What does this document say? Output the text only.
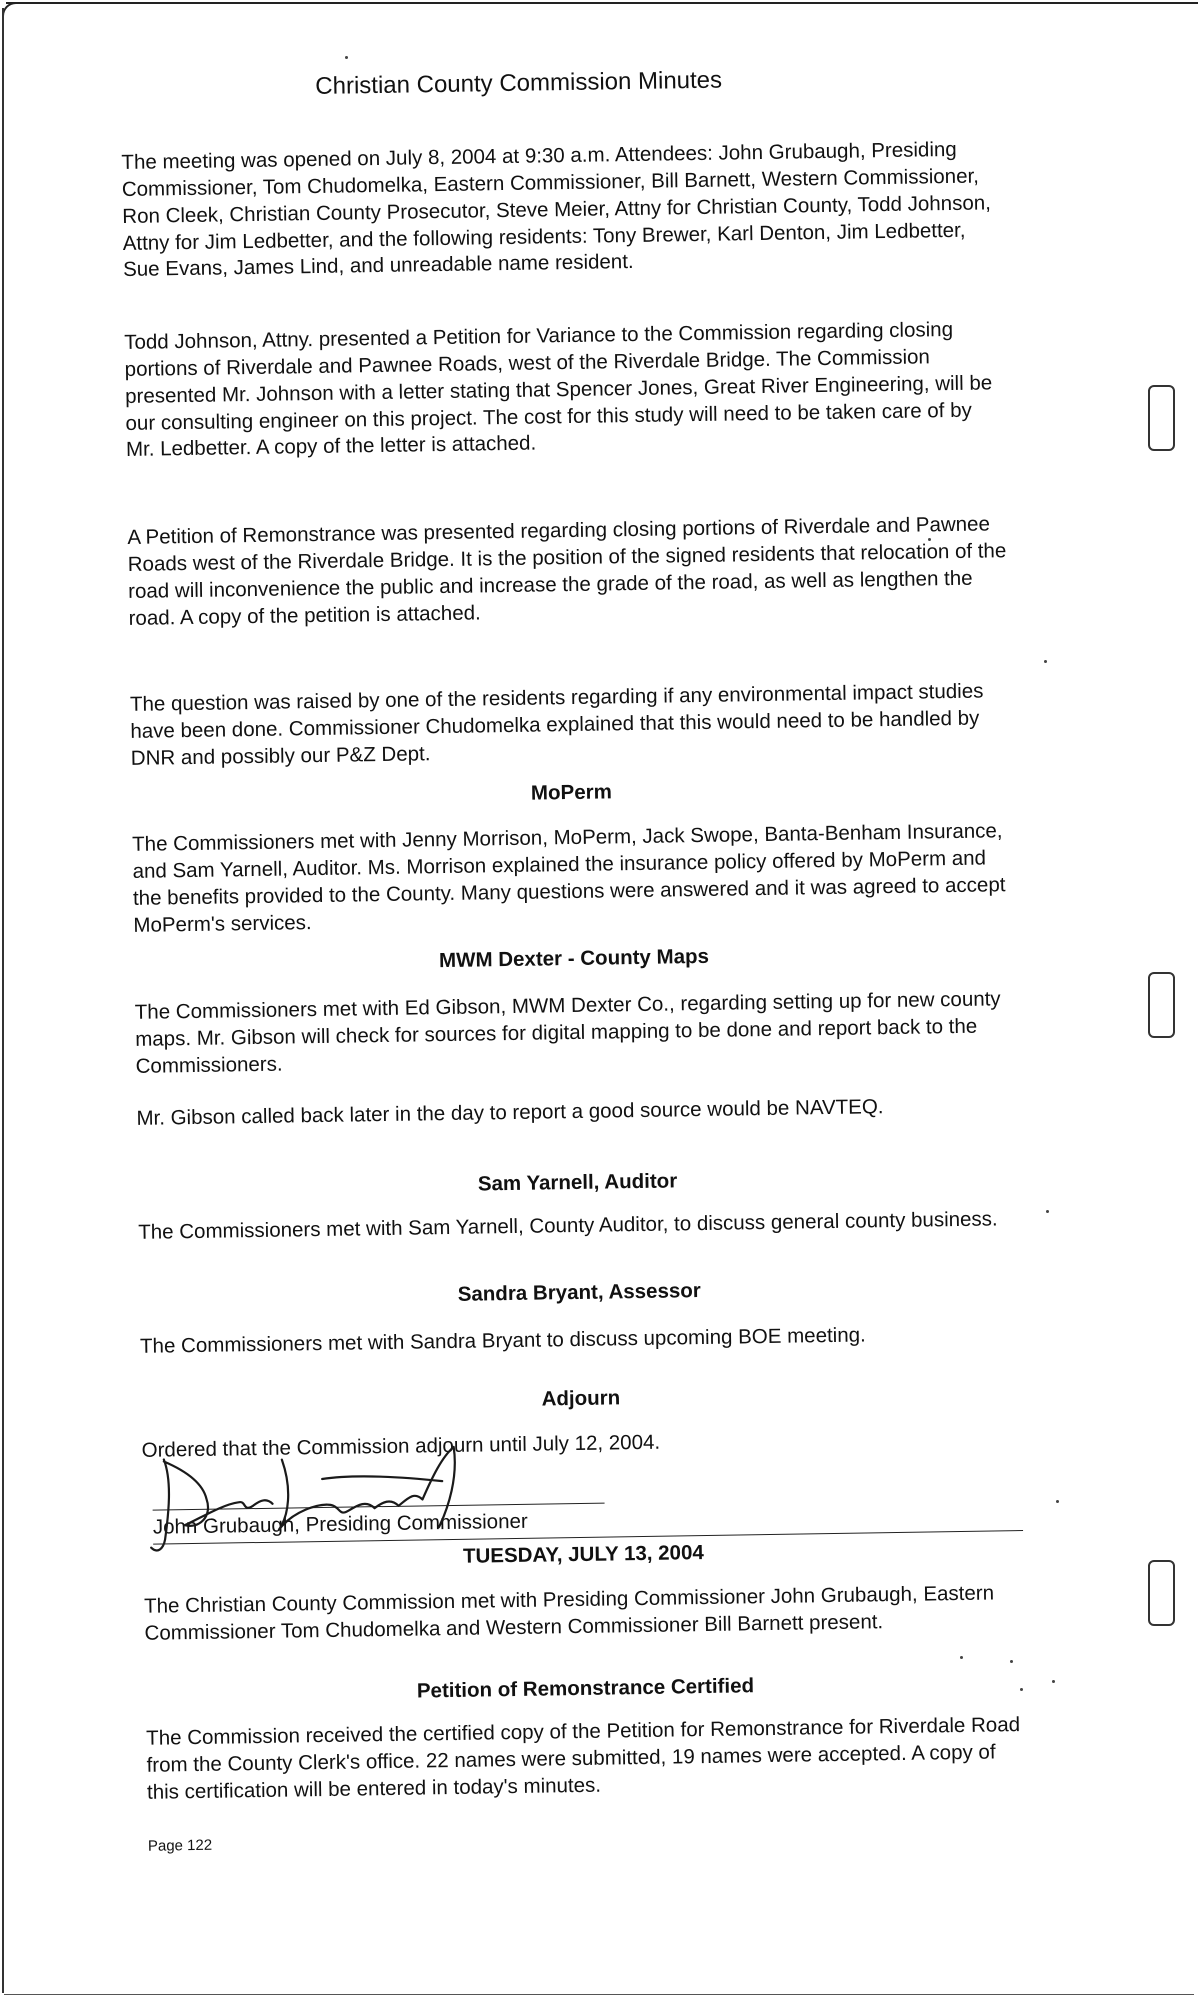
Christian County Commission Minutes

The meeting was opened on July 8, 2004 at 9:30 a.m. Attendees: John Grubaugh, Presiding Commissioner, Tom Chudomelka, Eastern Commissioner, Bill Barnett, Western Commissioner, Ron Cleek, Christian County Prosecutor, Steve Meier, Attny for Christian County, Todd Johnson, Attny for Jim Ledbetter, and the following residents: Tony Brewer, Karl Denton, Jim Ledbetter, Sue Evans, James Lind, and unreadable name resident.

Todd Johnson, Attny. presented a Petition for Variance to the Commission regarding closing portions of Riverdale and Pawnee Roads, west of the Riverdale Bridge. The Commission presented Mr. Johnson with a letter stating that Spencer Jones, Great River Engineering, will be our consulting engineer on this project. The cost for this study will need to be taken care of by Mr. Ledbetter. A copy of the letter is attached.

A Petition of Remonstrance was presented regarding closing portions of Riverdale and Pawnee Roads west of the Riverdale Bridge. It is the position of the signed residents that relocation of the road will inconvenience the public and increase the grade of the road, as well as lengthen the road. A copy of the petition is attached.

The question was raised by one of the residents regarding if any environmental impact studies have been done. Commissioner Chudomelka explained that this would need to be handled by DNR and possibly our P&Z Dept.

MoPerm

The Commissioners met with Jenny Morrison, MoPerm, Jack Swope, Banta-Benham Insurance, and Sam Yarnell, Auditor. Ms. Morrison explained the insurance policy offered by MoPerm and the benefits provided to the County. Many questions were answered and it was agreed to accept MoPerm's services.

MWM Dexter - County Maps

The Commissioners met with Ed Gibson, MWM Dexter Co., regarding setting up for new county maps. Mr. Gibson will check for sources for digital mapping to be done and report back to the Commissioners.

Mr. Gibson called back later in the day to report a good source would be NAVTEQ.

Sam Yarnell, Auditor

The Commissioners met with Sam Yarnell, County Auditor, to discuss general county business.

Sandra Bryant, Assessor

The Commissioners met with Sandra Bryant to discuss upcoming BOE meeting.

Adjourn

Ordered that the Commission adjourn until July 12, 2004.

John Grubaugh, Presiding Commissioner
TUESDAY, JULY 13, 2004

The Christian County Commission met with Presiding Commissioner John Grubaugh, Eastern Commissioner Tom Chudomelka and Western Commissioner Bill Barnett present.

Petition of Remonstrance Certified

The Commission received the certified copy of the Petition for Remonstrance for Riverdale Road from the County Clerk's office. 22 names were submitted, 19 names were accepted. A copy of this certification will be entered in today's minutes.

Page 122
